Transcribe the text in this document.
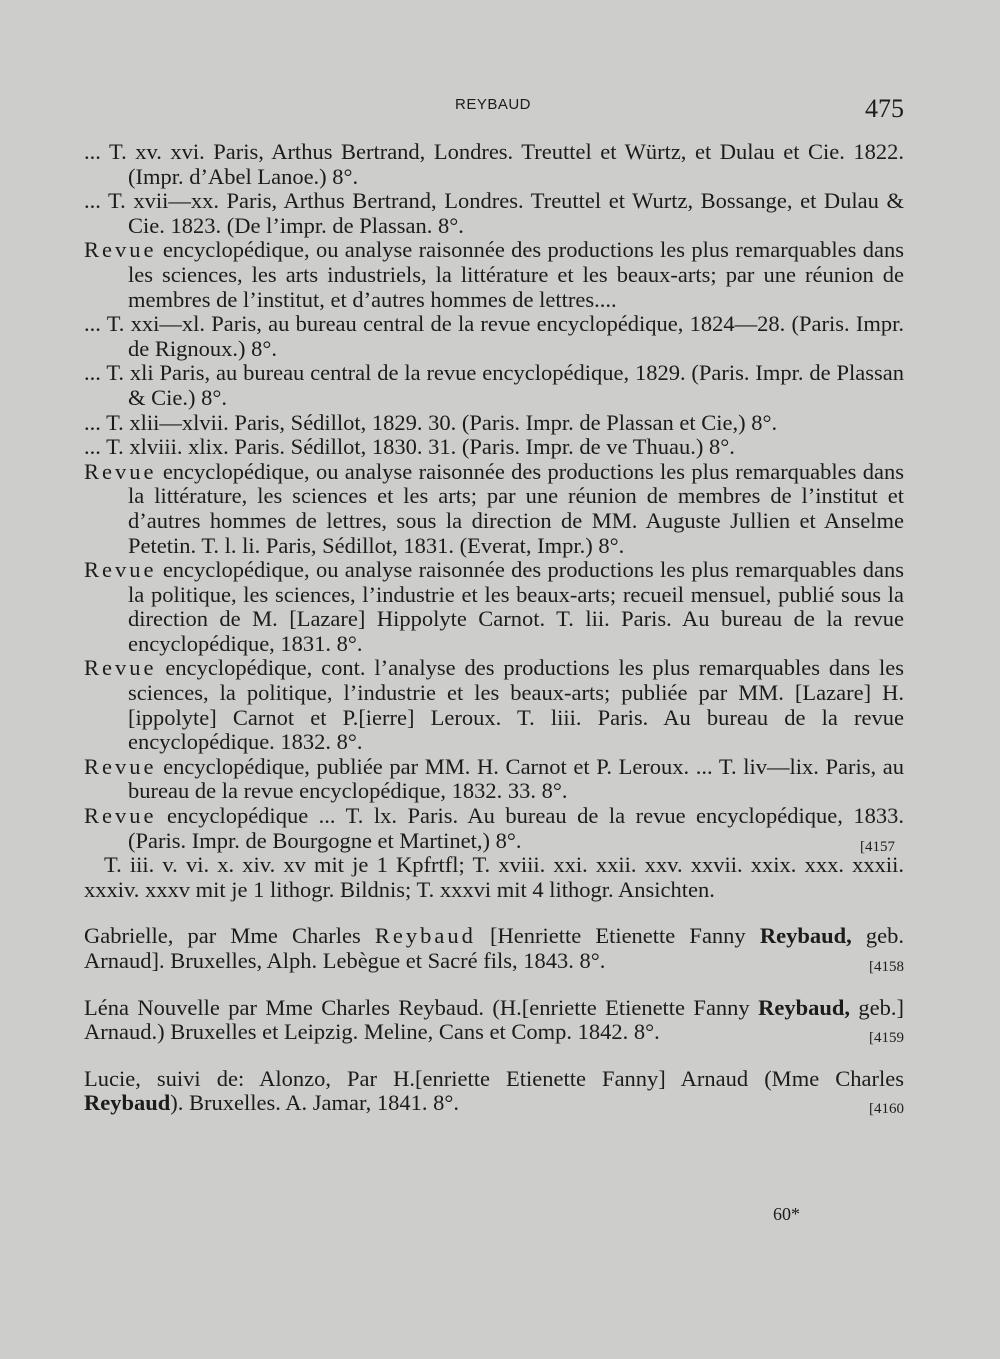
REYBAUD	475

... T. xv. xvi. Paris, Arthus Bertrand, Londres. Treuttel et Würtz, et Dulau et Cie. 1822. (Impr. d’Abel Lanoe.) 8°.

... T. xvii—xx. Paris, Arthus Bertrand, Londres. Treuttel et Wurtz, Bossange, et Dulau & Cie. 1823. (De l’impr. de Plassan. 8°.

Revue encyclopédique, ou analyse raisonnée des productions les plus remarquables dans les sciences, les arts industriels, la littérature et les beaux-arts; par une réunion de membres de l’institut, et d’autres hommes de lettres....

... T. xxi—xl. Paris, au bureau central de la revue encyclopédique, 1824—28. (Paris. Impr. de Rignoux.) 8°.

... T. xli Paris, au bureau central de la revue encyclopédique, 1829. (Paris. Impr. de Plassan & Cie.) 8°.

... T. xlii—xlvii. Paris, Sédillot, 1829. 30. (Paris. Impr. de Plassan et Cie,) 8°.

... T. xlviii. xlix. Paris. Sédillot, 1830. 31. (Paris. Impr. de ve Thuau.) 8°.

Revue encyclopédique, ou analyse raisonnée des productions les plus remarquables dans la littérature, les sciences et les arts; par une réunion de membres de l’institut et d’autres hommes de lettres, sous la direction de MM. Auguste Jullien et Anselme Petetin. T. l. li. Paris, Sédillot, 1831. (Everat, Impr.) 8°.

Revue encyclopédique, ou analyse raisonnée des productions les plus remarquables dans la politique, les sciences, l’industrie et les beaux-arts; recueil mensuel, publié sous la direction de M. [Lazare] Hippolyte Carnot. T. lii. Paris. Au bureau de la revue encyclopédique, 1831. 8°.

Revue encyclopédique, cont. l’analyse des productions les plus remarquables dans les sciences, la politique, l’industrie et les beaux-arts; publiée par MM. [Lazare] H.[ippolyte] Carnot et P.[ierre] Leroux. T. liii. Paris. Au bureau de la revue encyclopédique. 1832. 8°.

Revue encyclopédique, publiée par MM. H. Carnot et P. Leroux. ... T. liv—lix. Paris, au bureau de la revue encyclopédique, 1832. 33. 8°.

Revue encyclopédique ... T. lx. Paris. Au bureau de la revue encyclopédique, 1833. (Paris. Impr. de Bourgogne et Martinet,) 8°.	[4157

T. iii. v. vi. x. xiv. xv mit je 1 Kpfrtfl; T. xviii. xxi. xxii. xxv. xxvii. xxix. xxx. xxxii. xxxiv. xxxv mit je 1 lithogr. Bildnis; T. xxxvi mit 4 lithogr. Ansichten.

Gabrielle, par Mme Charles Reybaud [Henriette Etienette Fanny Reybaud, geb. Arnaud]. Bruxelles, Alph. Lebègue et Sacré fils, 1843. 8°.	[4158

Léna Nouvelle par Mme Charles Reybaud. (H.[enriette Etienette Fanny Reybaud, geb.] Arnaud.) Bruxelles et Leipzig. Meline, Cans et Comp. 1842. 8°.	[4159

Lucie, suivi de: Alonzo, Par H.[enriette Etienette Fanny] Arnaud (Mme Charles Reybaud). Bruxelles. A. Jamar, 1841. 8°.	[4160

60*
